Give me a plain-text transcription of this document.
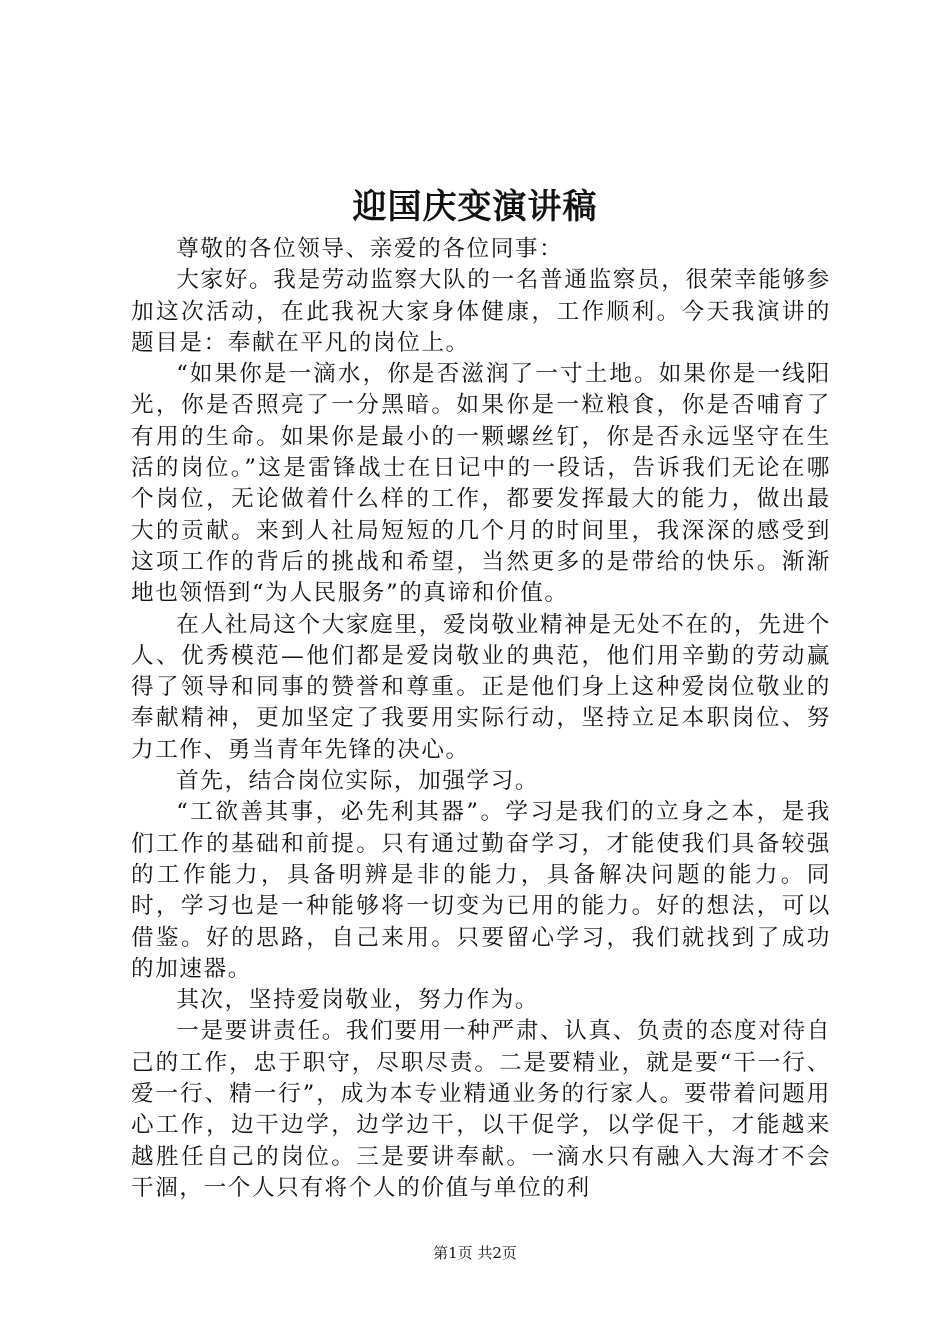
迎国庆变演讲稿

尊敬的各位领导、亲爱的各位同事：

大家好。我是劳动监察大队的一名普通监察员，很荣幸能够参加这次活动，在此我祝大家身体健康，工作顺利。今天我演讲的题目是：奉献在平凡的岗位上。

“如果你是一滴水，你是否滋润了一寸土地。如果你是一线阳光，你是否照亮了一分黑暗。如果你是一粒粮食，你是否哺育了有用的生命。如果你是最小的一颗螺丝钉，你是否永远坚守在生活的岗位。”这是雷锋战士在日记中的一段话，告诉我们无论在哪个岗位，无论做着什么样的工作，都要发挥最大的能力，做出最大的贡献。来到人社局短短的几个月的时间里，我深深的感受到这项工作的背后的挑战和希望，当然更多的是带给的快乐。渐渐地也领悟到“为人民服务”的真谛和价值。

在人社局这个大家庭里，爱岗敬业精神是无处不在的，先进个人、优秀模范—他们都是爱岗敬业的典范，他们用辛勤的劳动赢得了领导和同事的赞誉和尊重。正是他们身上这种爱岗位敬业的奉献精神，更加坚定了我要用实际行动，坚持立足本职岗位、努力工作、勇当青年先锋的决心。

首先，结合岗位实际，加强学习。

“工欲善其事，必先利其器”。学习是我们的立身之本，是我们工作的基础和前提。只有通过勤奋学习，才能使我们具备较强的工作能力，具备明辨是非的能力，具备解决问题的能力。同时，学习也是一种能够将一切变为已用的能力。好的想法，可以借鉴。好的思路，自己来用。只要留心学习，我们就找到了成功的加速器。

其次，坚持爱岗敬业，努力作为。

一是要讲责任。我们要用一种严肃、认真、负责的态度对待自己的工作，忠于职守，尽职尽责。二是要精业，就是要“干一行、爱一行、精一行”，成为本专业精通业务的行家人。要带着问题用心工作，边干边学，边学边干，以干促学，以学促干，才能越来越胜任自己的岗位。三是要讲奉献。一滴水只有融入大海才不会干涸，一个人只有将个人的价值与单位的利

第1页 共2页
